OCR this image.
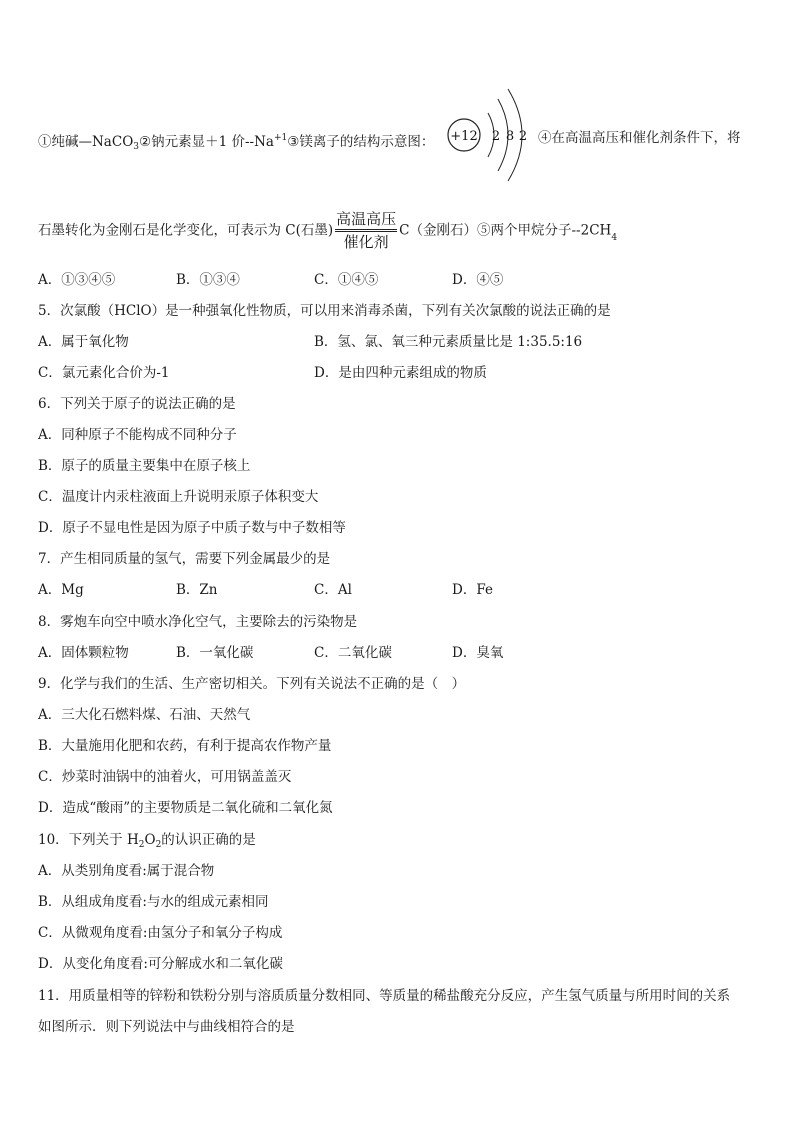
①纯碱—NaCO$_3$②钠元素显＋1 价$--Na^{+1}③$镁离子的结构示意图： +12 2 8 2 ④在高温高压和催化剂条件下，将
石墨转化为金刚石是化学变化，可表示为 C(石墨) $\frac{\text{高温高压}}{\text{催化剂}} C$（金刚石）⑤两个甲烷分子$--2CH_4$
A．①③④⑤	B．①③④	C．①④⑤	D．④⑤
5．次氯酸（HClO）是一种强氧化性物质，可以用来消毒杀菌，下列有关次氯酸的说法正确的是
A．属于氧化物	B．氢、氯、氧三种元素质量比是 1:35.5:16
C．氯元素化合价为-1	D．是由四种元素组成的物质
6．下列关于原子的说法正确的是
A．同种原子不能构成不同种分子
B．原子的质量主要集中在原子核上
C．温度计内汞柱液面上升说明汞原子体积变大
D．原子不显电性是因为原子中质子数与中子数相等
7．产生相同质量的氢气，需要下列金属最少的是
A．Mg	B．Zn	C．Al	D．Fe
8．雾炮车向空中喷水净化空气，主要除去的污染物是
A．固体颗粒物	B．一氧化碳	C．二氧化碳	D．臭氧
9．化学与我们的生活、生产密切相关。下列有关说法不正确的是（　）
A．三大化石燃料煤、石油、天然气
B．大量施用化肥和农药，有利于提高农作物产量
C．炒菜时油锅中的油着火，可用锅盖盖灭
D．造成“酸雨”的主要物质是二氧化硫和二氧化氮
10．下列关于 $H_2O_2$的认识正确的是
A．从类别角度看:属于混合物
B．从组成角度看:与水的组成元素相同
C．从微观角度看:由氢分子和氧分子构成
D．从变化角度看:可分解成水和二氧化碳
11．用质量相等的锌粉和铁粉分别与溶质质量分数相同、等质量的稀盐酸充分反应，产生氢气质量与所用时间的关系
如图所示．则下列说法中与曲线相符合的是
